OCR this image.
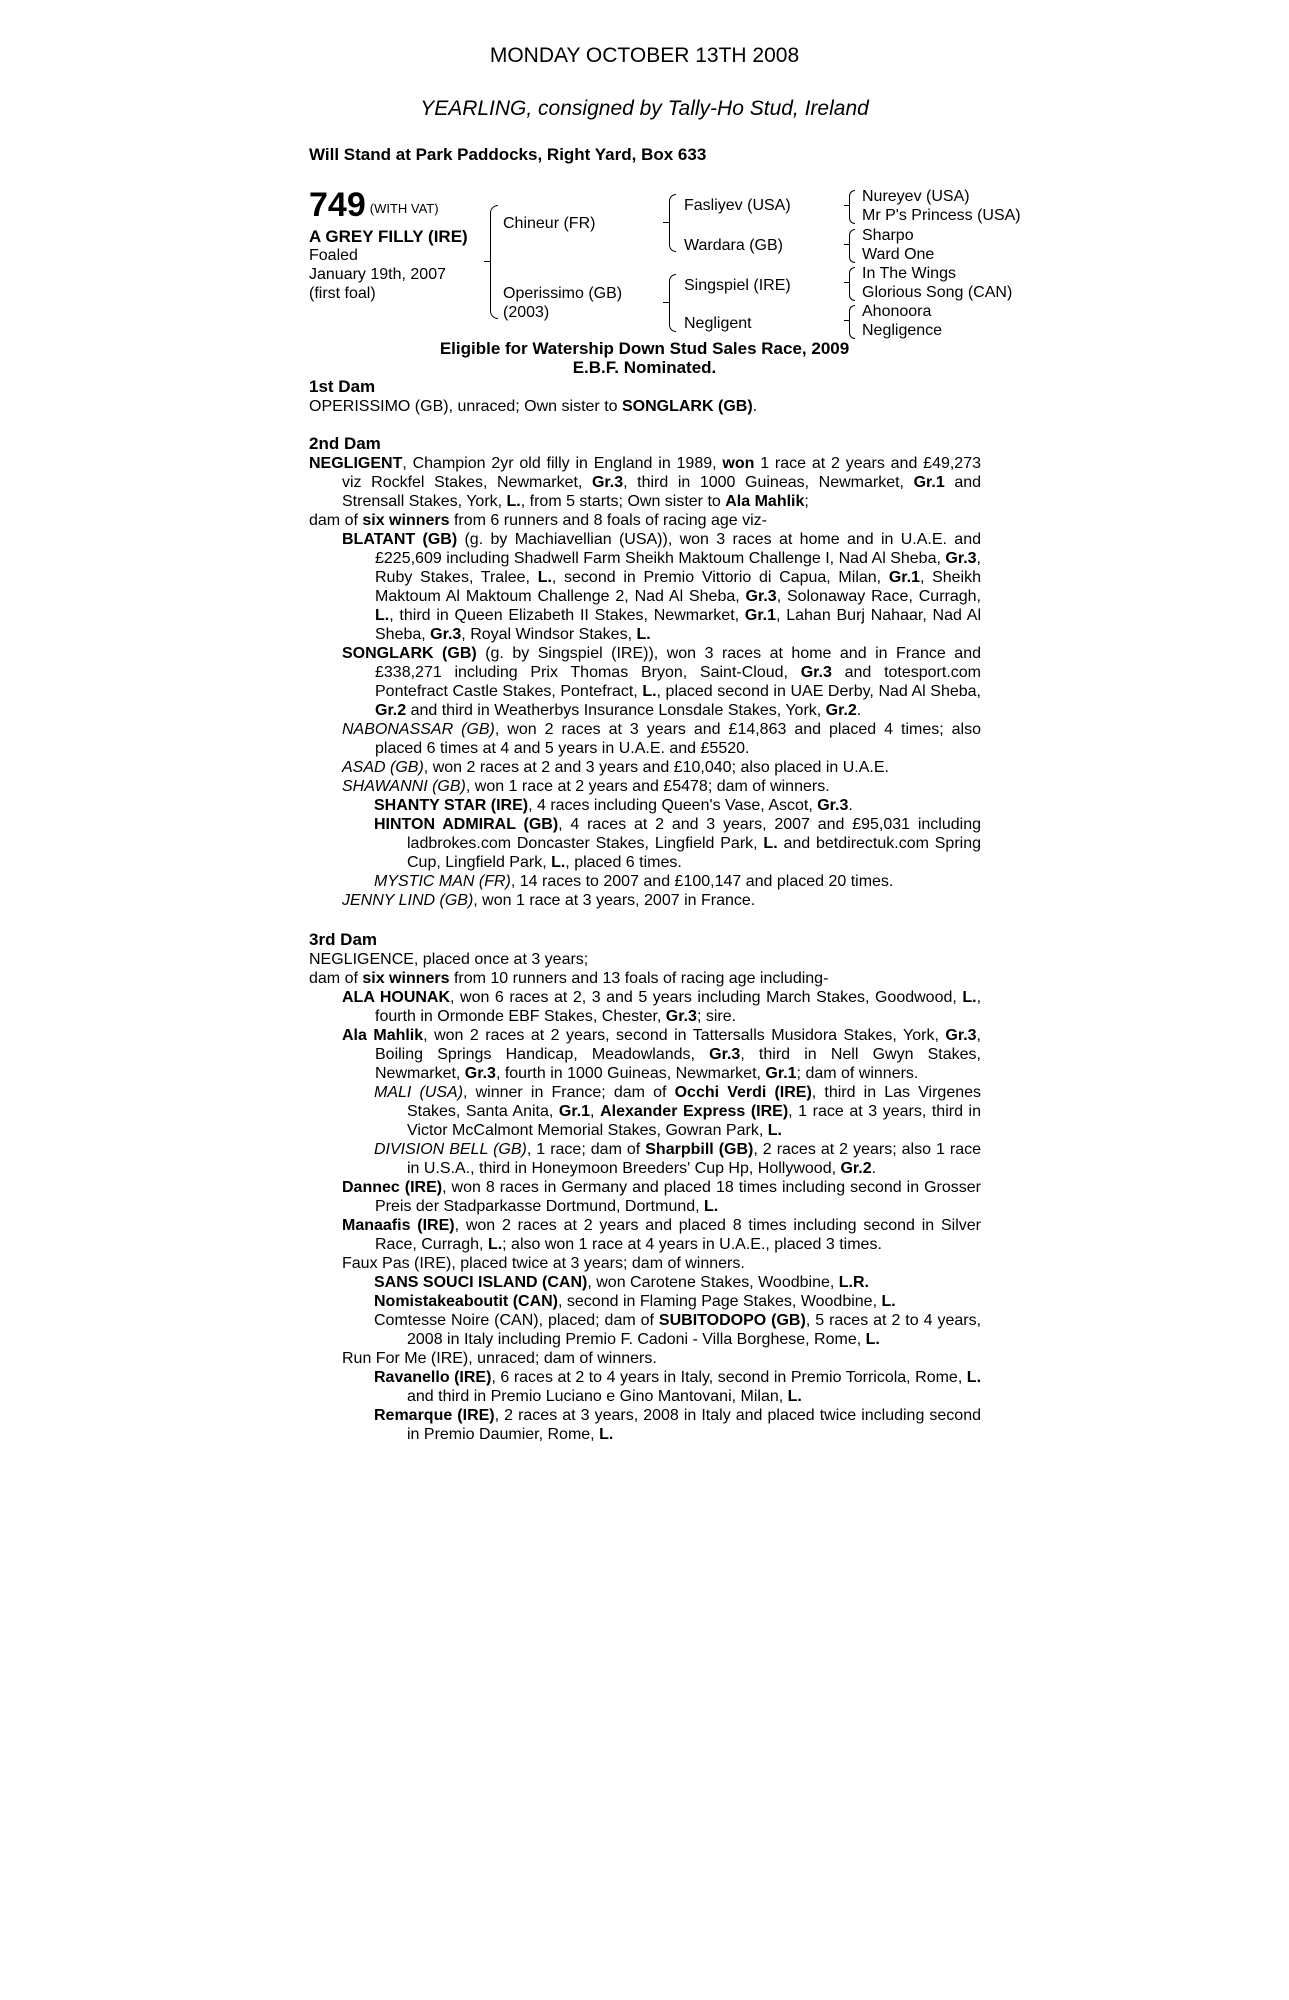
MONDAY OCTOBER 13TH 2008
YEARLING, consigned by Tally-Ho Stud, Ireland
Will Stand at Park Paddocks, Right Yard, Box 633
749 (WITH VAT)
A GREY FILLY (IRE)
Foaled
January 19th, 2007
(first foal)
Chineur (FR)
Operissimo (GB)
(2003)
Fasliyev (USA)
Wardara (GB)
Singspiel (IRE)
Negligent
Nureyev (USA)
Mr P's Princess (USA)
Sharpo
Ward One
In The Wings
Glorious Song (CAN)
Ahonoora
Negligence
Eligible for Watership Down Stud Sales Race, 2009
E.B.F. Nominated.
1st Dam

OPERISSIMO (GB), unraced; Own sister to SONGLARK (GB).

2nd Dam

NEGLIGENT, Champion 2yr old filly in England in 1989, won 1 race at 2 years and £49,273 viz Rockfel Stakes, Newmarket, Gr.3, third in 1000 Guineas, Newmarket, Gr.1 and Strensall Stakes, York, L., from 5 starts; Own sister to Ala Mahlik;

dam of six winners from 6 runners and 8 foals of racing age viz-

BLATANT (GB) (g. by Machiavellian (USA)), won 3 races at home and in U.A.E. and £225,609 including Shadwell Farm Sheikh Maktoum Challenge I, Nad Al Sheba, Gr.3, Ruby Stakes, Tralee, L., second in Premio Vittorio di Capua, Milan, Gr.1, Sheikh Maktoum Al Maktoum Challenge 2, Nad Al Sheba, Gr.3, Solonaway Race, Curragh, L., third in Queen Elizabeth II Stakes, Newmarket, Gr.1, Lahan Burj Nahaar, Nad Al Sheba, Gr.3, Royal Windsor Stakes, L.

SONGLARK (GB) (g. by Singspiel (IRE)), won 3 races at home and in France and £338,271 including Prix Thomas Bryon, Saint-Cloud, Gr.3 and totesport.com Pontefract Castle Stakes, Pontefract, L., placed second in UAE Derby, Nad Al Sheba, Gr.2 and third in Weatherbys Insurance Lonsdale Stakes, York, Gr.2.

NABONASSAR (GB), won 2 races at 3 years and £14,863 and placed 4 times; also placed 6 times at 4 and 5 years in U.A.E. and £5520.

ASAD (GB), won 2 races at 2 and 3 years and £10,040; also placed in U.A.E.

SHAWANNI (GB), won 1 race at 2 years and £5478; dam of winners.

SHANTY STAR (IRE), 4 races including Queen's Vase, Ascot, Gr.3.

HINTON ADMIRAL (GB), 4 races at 2 and 3 years, 2007 and £95,031 including ladbrokes.com Doncaster Stakes, Lingfield Park, L. and betdirectuk.com Spring Cup, Lingfield Park, L., placed 6 times.

MYSTIC MAN (FR), 14 races to 2007 and £100,147 and placed 20 times.

JENNY LIND (GB), won 1 race at 3 years, 2007 in France.

3rd Dam

NEGLIGENCE, placed once at 3 years;

dam of six winners from 10 runners and 13 foals of racing age including-

ALA HOUNAK, won 6 races at 2, 3 and 5 years including March Stakes, Goodwood, L., fourth in Ormonde EBF Stakes, Chester, Gr.3; sire.

Ala Mahlik, won 2 races at 2 years, second in Tattersalls Musidora Stakes, York, Gr.3, Boiling Springs Handicap, Meadowlands, Gr.3, third in Nell Gwyn Stakes, Newmarket, Gr.3, fourth in 1000 Guineas, Newmarket, Gr.1; dam of winners.

MALI (USA), winner in France; dam of Occhi Verdi (IRE), third in Las Virgenes Stakes, Santa Anita, Gr.1, Alexander Express (IRE), 1 race at 3 years, third in Victor McCalmont Memorial Stakes, Gowran Park, L.

DIVISION BELL (GB), 1 race; dam of Sharpbill (GB), 2 races at 2 years; also 1 race in U.S.A., third in Honeymoon Breeders' Cup Hp, Hollywood, Gr.2.

Dannec (IRE), won 8 races in Germany and placed 18 times including second in Grosser Preis der Stadparkasse Dortmund, Dortmund, L.

Manaafis (IRE), won 2 races at 2 years and placed 8 times including second in Silver Race, Curragh, L.; also won 1 race at 4 years in U.A.E., placed 3 times.

Faux Pas (IRE), placed twice at 3 years; dam of winners.

SANS SOUCI ISLAND (CAN), won Carotene Stakes, Woodbine, L.R.

Nomistakeaboutit (CAN), second in Flaming Page Stakes, Woodbine, L.

Comtesse Noire (CAN), placed; dam of SUBITODOPO (GB), 5 races at 2 to 4 years, 2008 in Italy including Premio F. Cadoni - Villa Borghese, Rome, L.

Run For Me (IRE), unraced; dam of winners.

Ravanello (IRE), 6 races at 2 to 4 years in Italy, second in Premio Torricola, Rome, L. and third in Premio Luciano e Gino Mantovani, Milan, L.

Remarque (IRE), 2 races at 3 years, 2008 in Italy and placed twice including second in Premio Daumier, Rome, L.
